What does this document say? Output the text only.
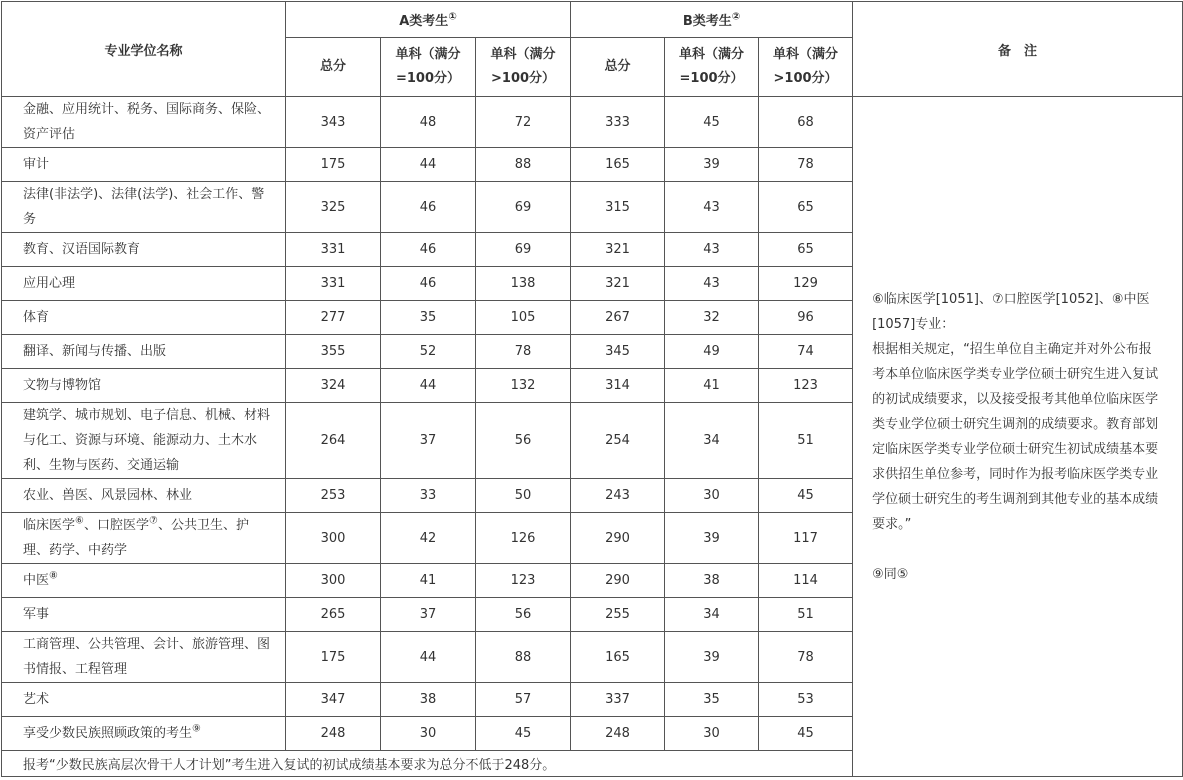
专业学位名称	A类考生①			B类考生②			备　注
	总分	单科（满分=100分）	单科（满分>100分）	总分	单科（满分=100分）	单科（满分>100分）	
金融、应用统计、税务、国际商务、保险、资产评估	343	48	72	333	45	68	⑥临床医学[1051]、⑦口腔医学[1052]、⑧中医[1057]专业：

根据相关规定，“招生单位自主确定并对外公布报考本单位临床医学类专业学位硕士研究生进入复试的初试成绩要求，以及接受报考其他单位临床医学类专业学位硕士研究生调剂的成绩要求。教育部划定临床医学类专业学位硕士研究生初试成绩基本要求供招生单位参考，同时作为报考临床医学类专业学位硕士研究生的考生调剂到其他专业的基本成绩要求。”

⑨同⑤

审计	175	44	88	165	39	78	
法律(非法学)、法律(法学)、社会工作、警务	325	46	69	315	43	65	
教育、汉语国际教育	331	46	69	321	43	65	
应用心理	331	46	138	321	43	129	
体育	277	35	105	267	32	96	
翻译、新闻与传播、出版	355	52	78	345	49	74	
文物与博物馆	324	44	132	314	41	123	
建筑学、城市规划、电子信息、机械、材料与化工、资源与环境、能源动力、土木水利、生物与医药、交通运输	264	37	56	254	34	51	
农业、兽医、风景园林、林业	253	33	50	243	30	45	
临床医学⑥、口腔医学⑦、公共卫生、护理、药学、中药学	300	42	126	290	39	117	
中医⑧	300	41	123	290	38	114	
军事	265	37	56	255	34	51	
工商管理、公共管理、会计、旅游管理、图书情报、工程管理	175	44	88	165	39	78	
艺术	347	38	57	337	35	53	
享受少数民族照顾政策的考生⑨	248	30	45	248	30	45	
报考“少数民族高层次骨干人才计划”考生进入复试的初试成绩基本要求为总分不低于248分。							
